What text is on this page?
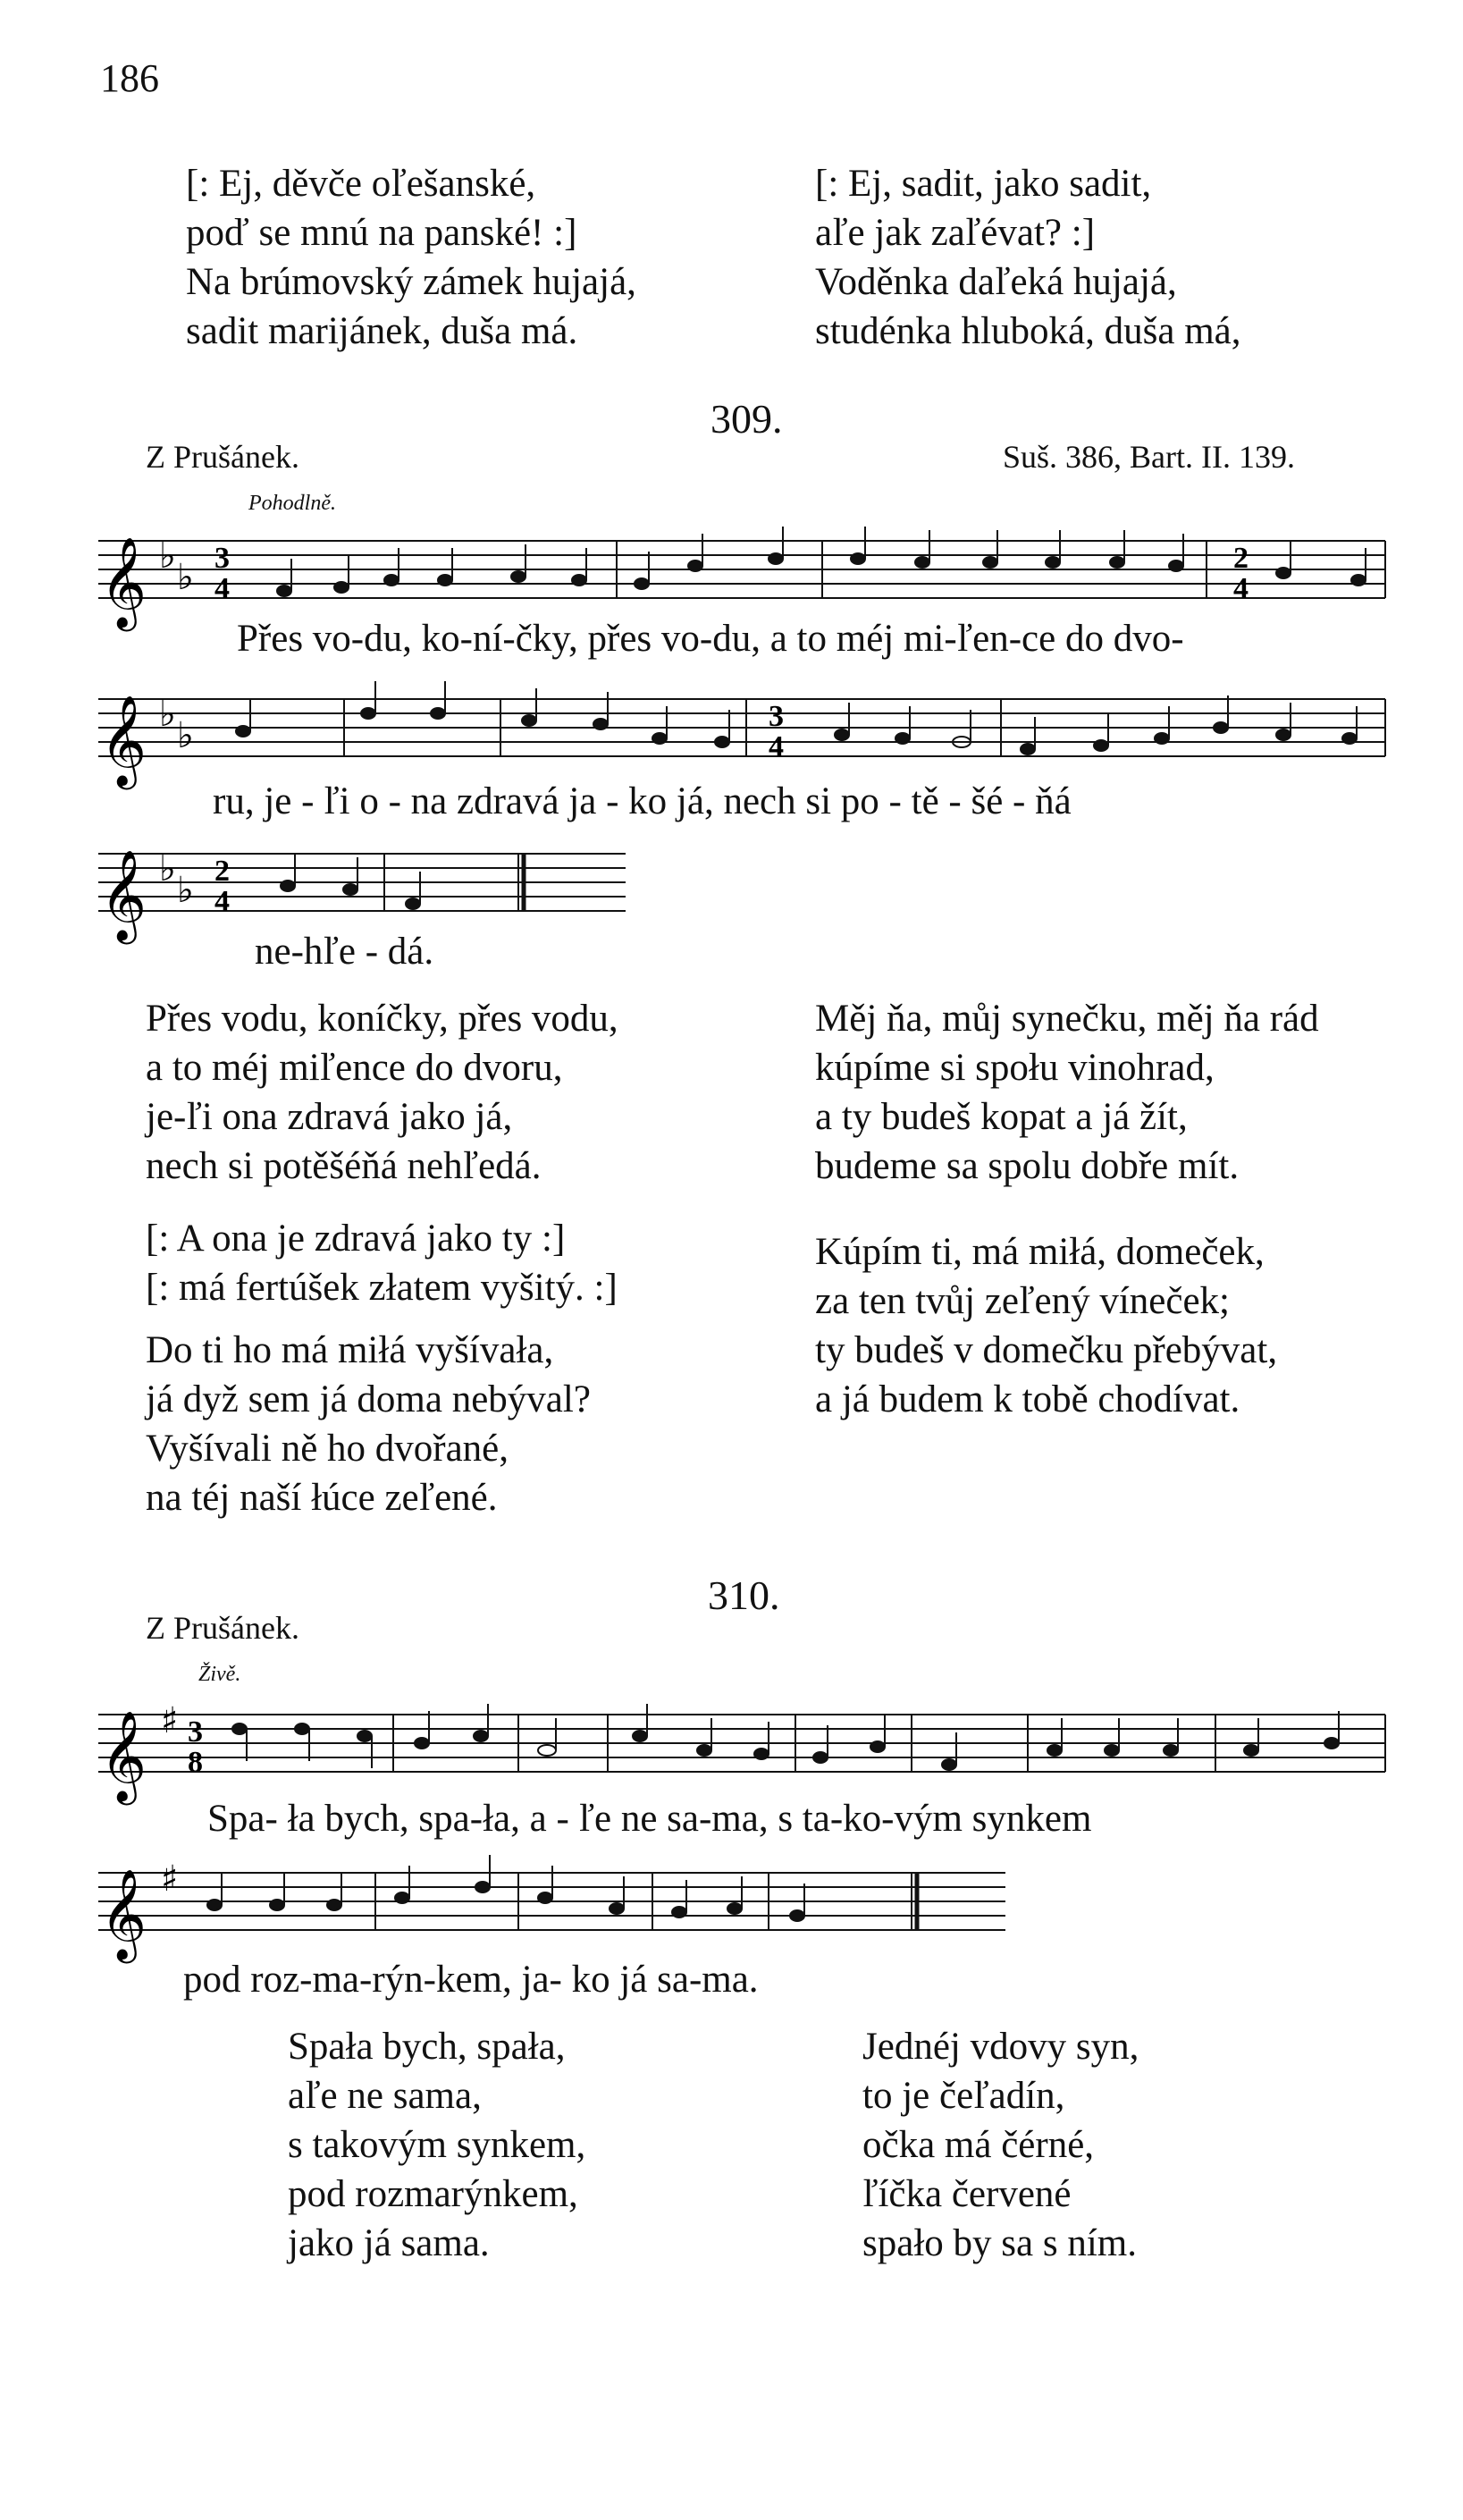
186
[: Ej, děvče oľešanské,
poď se mnú na panské! :]
Na brúmovský zámek hujajá,
sadit marijánek, duša má.
[: Ej, sadit, jako sadit,
aľe jak zaľévat? :]
Voděnka daľeká hujajá,
studénka hluboká, duša má,
309.
Z Prušánek.	Suš. 386, Bart. II. 139.
Pohodlně.
𝄞 ♭
♭ 3
4
2
4
Přes vo-du, ko-ní-čky, přes vo-du, a to méj mi-ľen-ce do dvo-
𝄞 ♭
♭	3
4
ru, je - ľi o - na zdravá ja - ko já, nech si po - tě - šé - ňá
𝄞 ♭
♭ 2
4
ne-hľe - dá.
Přes vodu, koníčky, přes vodu,
a to méj miľence do dvoru,
je-ľi ona zdravá jako já,
nech si potěšéňá nehľedá.
[: A ona je zdravá jako ty :]
[: má fertúšek złatem vyšitý. :]
Do ti ho má miłá vyšívała,
já dyž sem já doma nebýval?
Vyšívali ně ho dvořané,
na téj naší łúce zeľené.
Měj ňa, můj synečku, měj ňa rád
kúpíme si społu vinohrad,
a ty budeš kopat a já žít,
budeme sa spolu dobře mít.
Kúpím ti, má miłá, domeček,
za ten tvůj zeľený víneček;
ty budeš v domečku přebývat,
a já budem k tobě chodívat.
310.
Z Prušánek.
Živě.
𝄞 ♯ 3
8
Spa- ła bych, spa-ła, a - ľe ne sa-ma, s ta-ko-vým synkem
𝄞 ♯
pod roz-ma-rýn-kem, ja- ko já sa-ma.
Spała bych, spała,
aľe ne sama,
s takovým synkem,
pod rozmarýnkem,
jako já sama.
Jednéj vdovy syn,
to je čeľadín,
očka má čérné,
ľíčka červené
spało by sa s ním.
